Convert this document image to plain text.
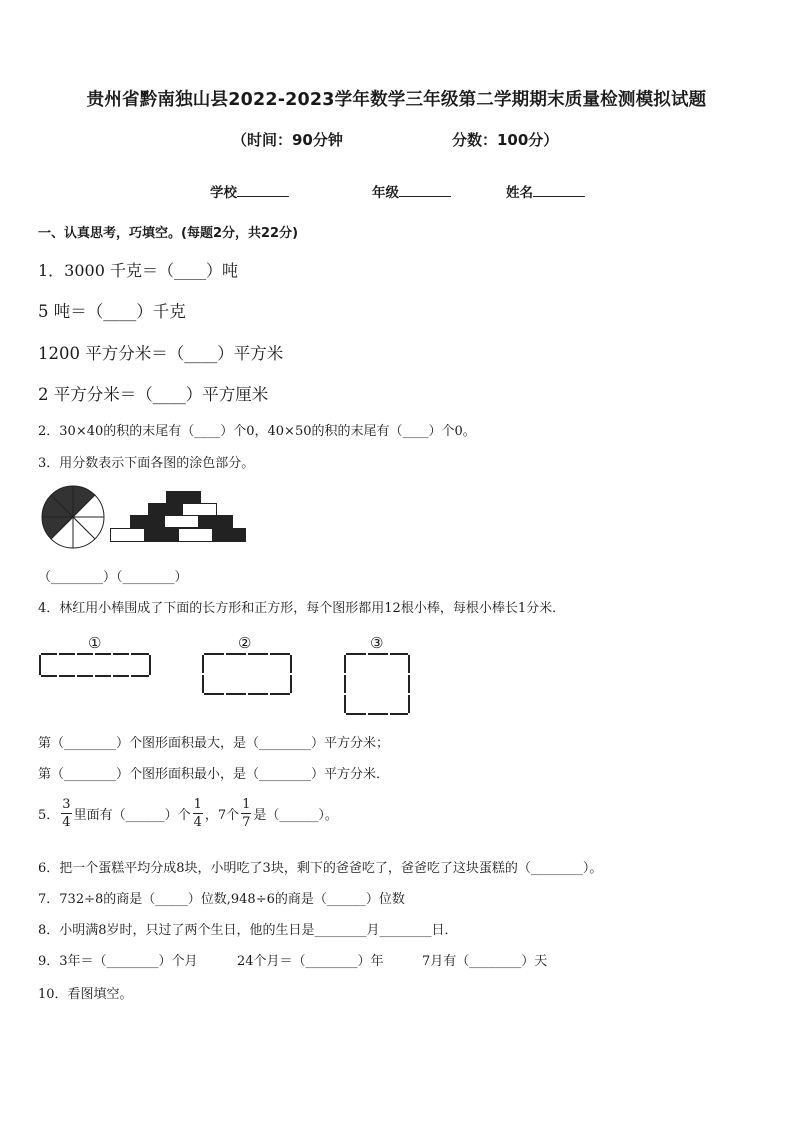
贵州省黔南独山县2022-2023学年数学三年级第二学期期末质量检测模拟试题
（时间：90分钟	分数：100分）
学校	年级	姓名
一、认真思考，巧填空。(每题2分，共22分)
1．3000 千克＝（____）吨
5 吨＝（____）千克
1200 平方分米＝（____）平方米
2 平方分米＝（____）平方厘米
2．30×40的积的末尾有（____）个0，40×50的积的末尾有（____）个0。
3．用分数表示下面各图的涂色部分。
（________）（________）
4．林红用小棒围成了下面的长方形和正方形，每个图形都用12根小棒，每根小棒长1分米．
①	②	③
第（________）个图形面积最大，是（________）平方分米；
第（________）个图形面积最小，是（________）平方分米．
5． $\frac{3}{4}$ 里面有（______）个 $\frac{1}{4}$ ，7个 $\frac{1}{7}$ 是（______）。
6．把一个蛋糕平均分成8块，小明吃了3块，剩下的爸爸吃了，爸爸吃了这块蛋糕的（________）。
7．732÷8的商是（_____）位数,948÷6的商是（______）位数
8．小明满8岁时，只过了两个生日，他的生日是________月________日．
9．3年＝（________）个月	24个月＝（________）年	7月有（________）天
10．看图填空。
